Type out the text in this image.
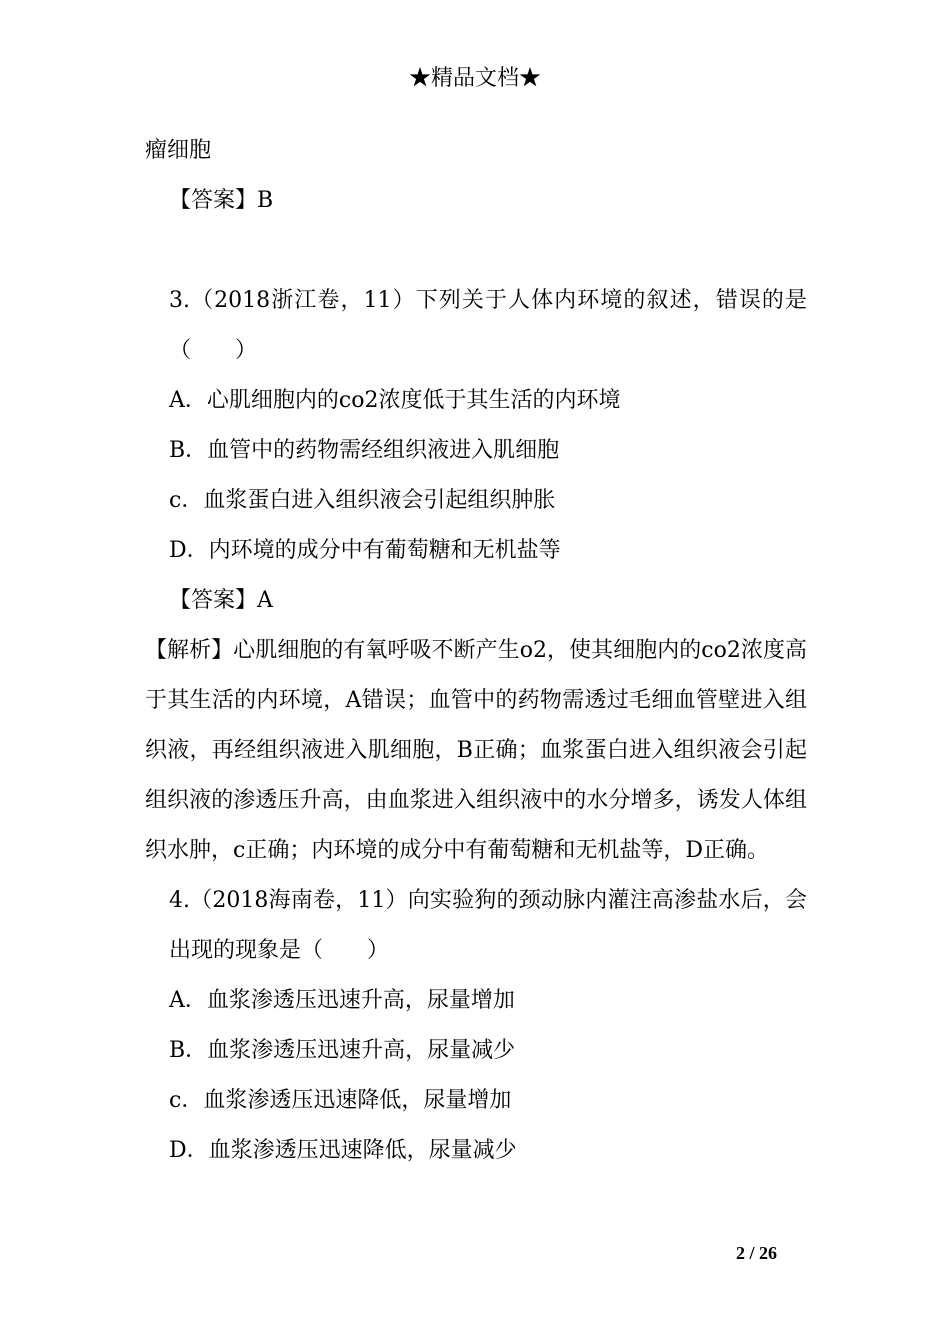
★精品文档★

瘤细胞

【答案】B

3.（2018浙江卷，11）下列关于人体内环境的叙述，错误的是（　　）

A．心肌细胞内的co2浓度低于其生活的内环境

B．血管中的药物需经组织液进入肌细胞

c．血浆蛋白进入组织液会引起组织肿胀

D．内环境的成分中有葡萄糖和无机盐等

【答案】A

【解析】心肌细胞的有氧呼吸不断产生o2，使其细胞内的co2浓度高于其生活的内环境，A错误；血管中的药物需透过毛细血管壁进入组织液，再经组织液进入肌细胞，B正确；血浆蛋白进入组织液会引起组织液的渗透压升高，由血浆进入组织液中的水分增多，诱发人体组织水肿，c正确；内环境的成分中有葡萄糖和无机盐等，D正确。

4.（2018海南卷，11）向实验狗的颈动脉内灌注高渗盐水后，会出现的现象是（　　）

A．血浆渗透压迅速升高，尿量增加

B．血浆渗透压迅速升高，尿量减少

c．血浆渗透压迅速降低，尿量增加

D．血浆渗透压迅速降低，尿量减少

2 / 26
